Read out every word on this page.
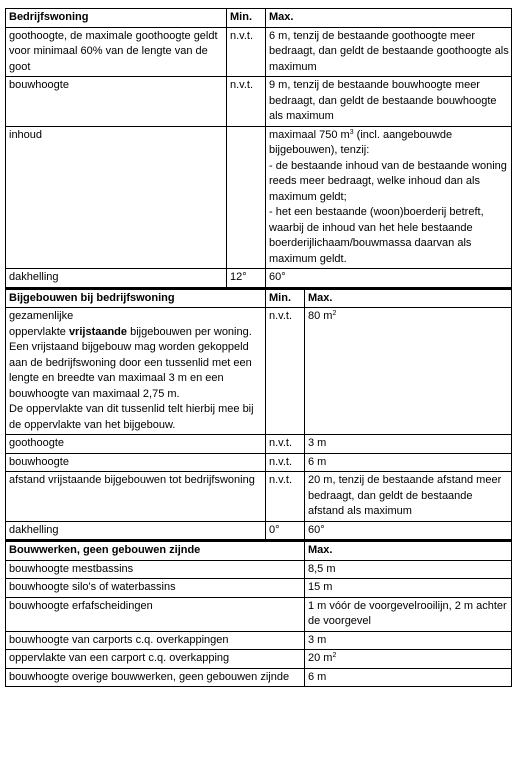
Bedrijfswoning	Min.	Max.
goothoogte, de maximale goothoogte geldt voor minimaal 60% van de lengte van de goot	n.v.t.	6 m, tenzij de bestaande goothoogte meer bedraagt, dan geldt de bestaande goothoogte als maximum
bouwhoogte	n.v.t.	9 m, tenzij de bestaande bouwhoogte meer bedraagt, dan geldt de bestaande bouwhoogte als maximum
inhoud		maximaal 750 $m^3$ (incl. aangebouwde bijgebouwen), tenzij:
- de bestaande inhoud van de bestaande woning reeds meer bedraagt, welke inhoud dan als maximum geldt;
- het een bestaande (woon)boerderij betreft, waarbij de inhoud van het hele bestaande boerderijlichaam/bouwmassa daarvan als maximum geldt.
dakhelling	12°	60°
Bijgebouwen bij bedrijfswoning	Min.	Max.
gezamenlijke
oppervlakte vrijstaande bijgebouwen per woning.
Een vrijstaand bijgebouw mag worden gekoppeld aan de bedrijfswoning door een tussenlid met een lengte en breedte van maximaal 3 m en een bouwhoogte van maximaal 2,75 m.
De oppervlakte van dit tussenlid telt hierbij mee bij de oppervlakte van het bijgebouw.	n.v.t.	80 $m^2$
goothoogte	n.v.t.	3 m
bouwhoogte	n.v.t.	6 m
afstand vrijstaande bijgebouwen tot bedrijfswoning	n.v.t.	20 m, tenzij de bestaande afstand meer bedraagt, dan geldt de bestaande afstand als maximum
dakhelling	0°	60°
Bouwwerken, geen gebouwen zijnde	Max.
bouwhoogte mestbassins	8,5 m
bouwhoogte silo's of waterbassins	15 m
bouwhoogte erfafscheidingen	1 m vóór de voorgevelrooilijn, 2 m achter de voorgevel
bouwhoogte van carports c.q. overkappingen	3 m
oppervlakte van een carport c.q. overkapping	20 $m^2$
bouwhoogte overige bouwwerken, geen gebouwen zijnde	6 m
